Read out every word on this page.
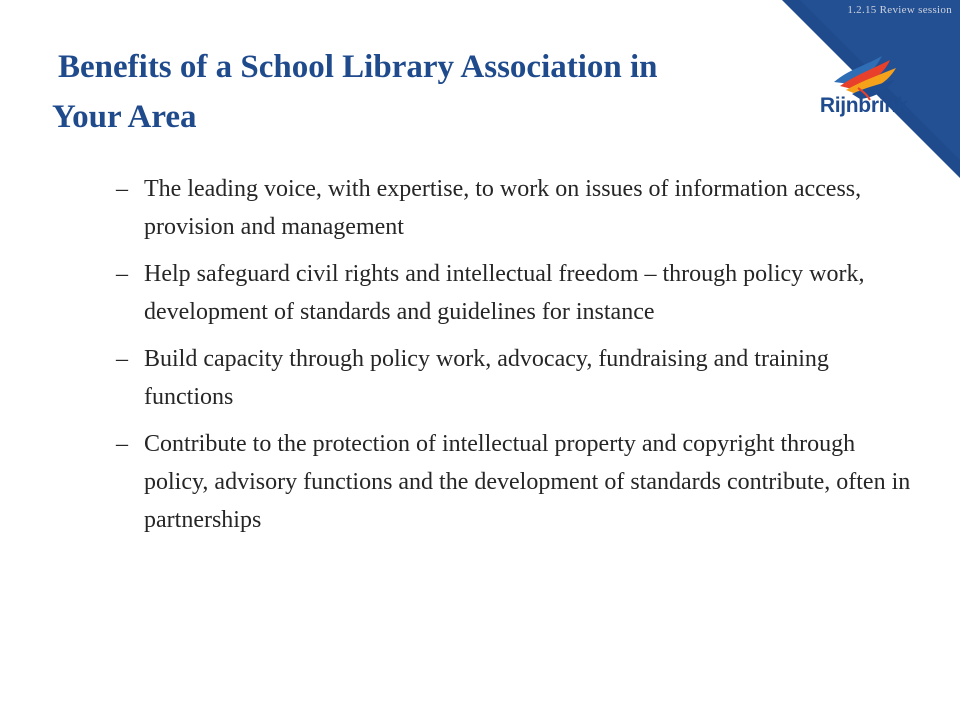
1.2.15 Review session
Rijnbrink
Benefits of a School Library Association in
Your Area
– The leading voice, with expertise, to work on issues of information access, provision and management
– Help safeguard civil rights and intellectual freedom – through policy work, development of standards and guidelines for instance
– Build capacity through policy work, advocacy, fundraising and training functions
– Contribute to the protection of intellectual property and copyright through policy, advisory functions and the development of standards contribute, often in partnerships
